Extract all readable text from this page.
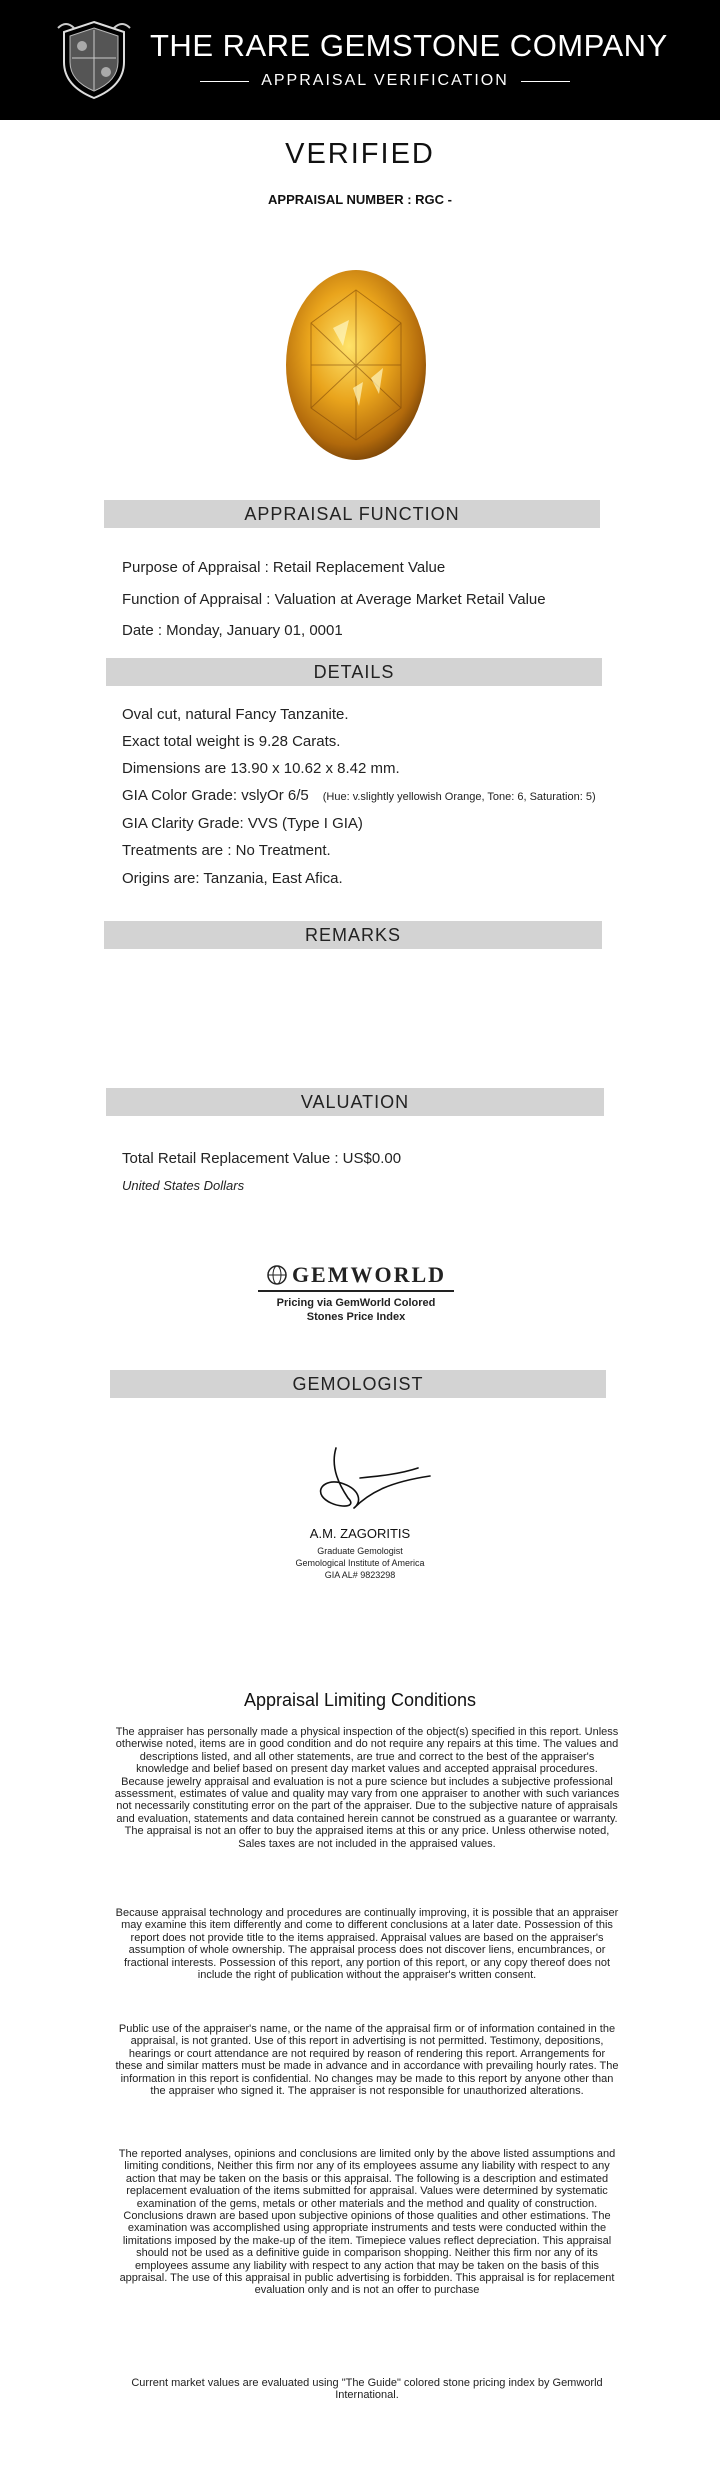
THE RARE GEMSTONE COMPANY
APPRAISAL VERIFICATION
VERIFIED
APPRAISAL NUMBER : RGC -
APPRAISAL FUNCTION
Purpose of Appraisal : Retail Replacement Value
Function of Appraisal : Valuation at Average Market Retail Value
Date : Monday, January 01, 0001
DETAILS
Oval cut, natural Fancy Tanzanite.
Exact total weight is 9.28 Carats.
Dimensions are 13.90 x 10.62 x 8.42 mm.
GIA Color Grade: vslyOr 6/5 (Hue: v.slightly yellowish Orange, Tone: 6, Saturation: 5)
GIA Clarity Grade: VVS (Type I GIA)
Treatments are : No Treatment.
Origins are: Tanzania, East Afica.
REMARKS
VALUATION
Total Retail Replacement Value : US$0.00
United States Dollars
GEMWORLD
Pricing via GemWorld Colored
Stones Price Index
GEMOLOGIST
A.M. ZAGORITIS
Graduate Gemologist
Gemological Institute of America
GIA AL# 9823298
Appraisal Limiting Conditions
The appraiser has personally made a physical inspection of the object(s) specified in this report. Unless otherwise noted, items are in good condition and do not require any repairs at this time. The values and descriptions listed, and all other statements, are true and correct to the best of the appraiser's knowledge and belief based on present day market values and accepted appraisal procedures. Because jewelry appraisal and evaluation is not a pure science but includes a subjective professional assessment, estimates of value and quality may vary from one appraiser to another with such variances not necessarily constituting error on the part of the appraiser. Due to the subjective nature of appraisals and evaluation, statements and data contained herein cannot be construed as a guarantee or warranty. The appraisal is not an offer to buy the appraised items at this or any price. Unless otherwise noted, Sales taxes are not included in the appraised values.
Because appraisal technology and procedures are continually improving, it is possible that an appraiser may examine this item differently and come to different conclusions at a later date. Possession of this report does not provide title to the items appraised. Appraisal values are based on the appraiser's assumption of whole ownership. The appraisal process does not discover liens, encumbrances, or fractional interests. Possession of this report, any portion of this report, or any copy thereof does not include the right of publication without the appraiser's written consent.
Public use of the appraiser's name, or the name of the appraisal firm or of information contained in the appraisal, is not granted. Use of this report in advertising is not permitted. Testimony, depositions, hearings or court attendance are not required by reason of rendering this report. Arrangements for these and similar matters must be made in advance and in accordance with prevailing hourly rates. The information in this report is confidential. No changes may be made to this report by anyone other than the appraiser who signed it. The appraiser is not responsible for unauthorized alterations.
The reported analyses, opinions and conclusions are limited only by the above listed assumptions and limiting conditions, Neither this firm nor any of its employees assume any liability with respect to any action that may be taken on the basis or this appraisal. The following is a description and estimated replacement evaluation of the items submitted for appraisal. Values were determined by systematic examination of the gems, metals or other materials and the method and quality of construction. Conclusions drawn are based upon subjective opinions of those qualities and other estimations. The examination was accomplished using appropriate instruments and tests were conducted within the limitations imposed by the make-up of the item. Timepiece values reflect depreciation. This appraisal should not be used as a definitive guide in comparison shopping. Neither this firm nor any of its employees assume any liability with respect to any action that may be taken on the basis of this appraisal. The use of this appraisal in public advertising is forbidden. This appraisal is for replacement evaluation only and is not an offer to purchase
Current market values are evaluated using "The Guide" colored stone pricing index by Gemworld International.
